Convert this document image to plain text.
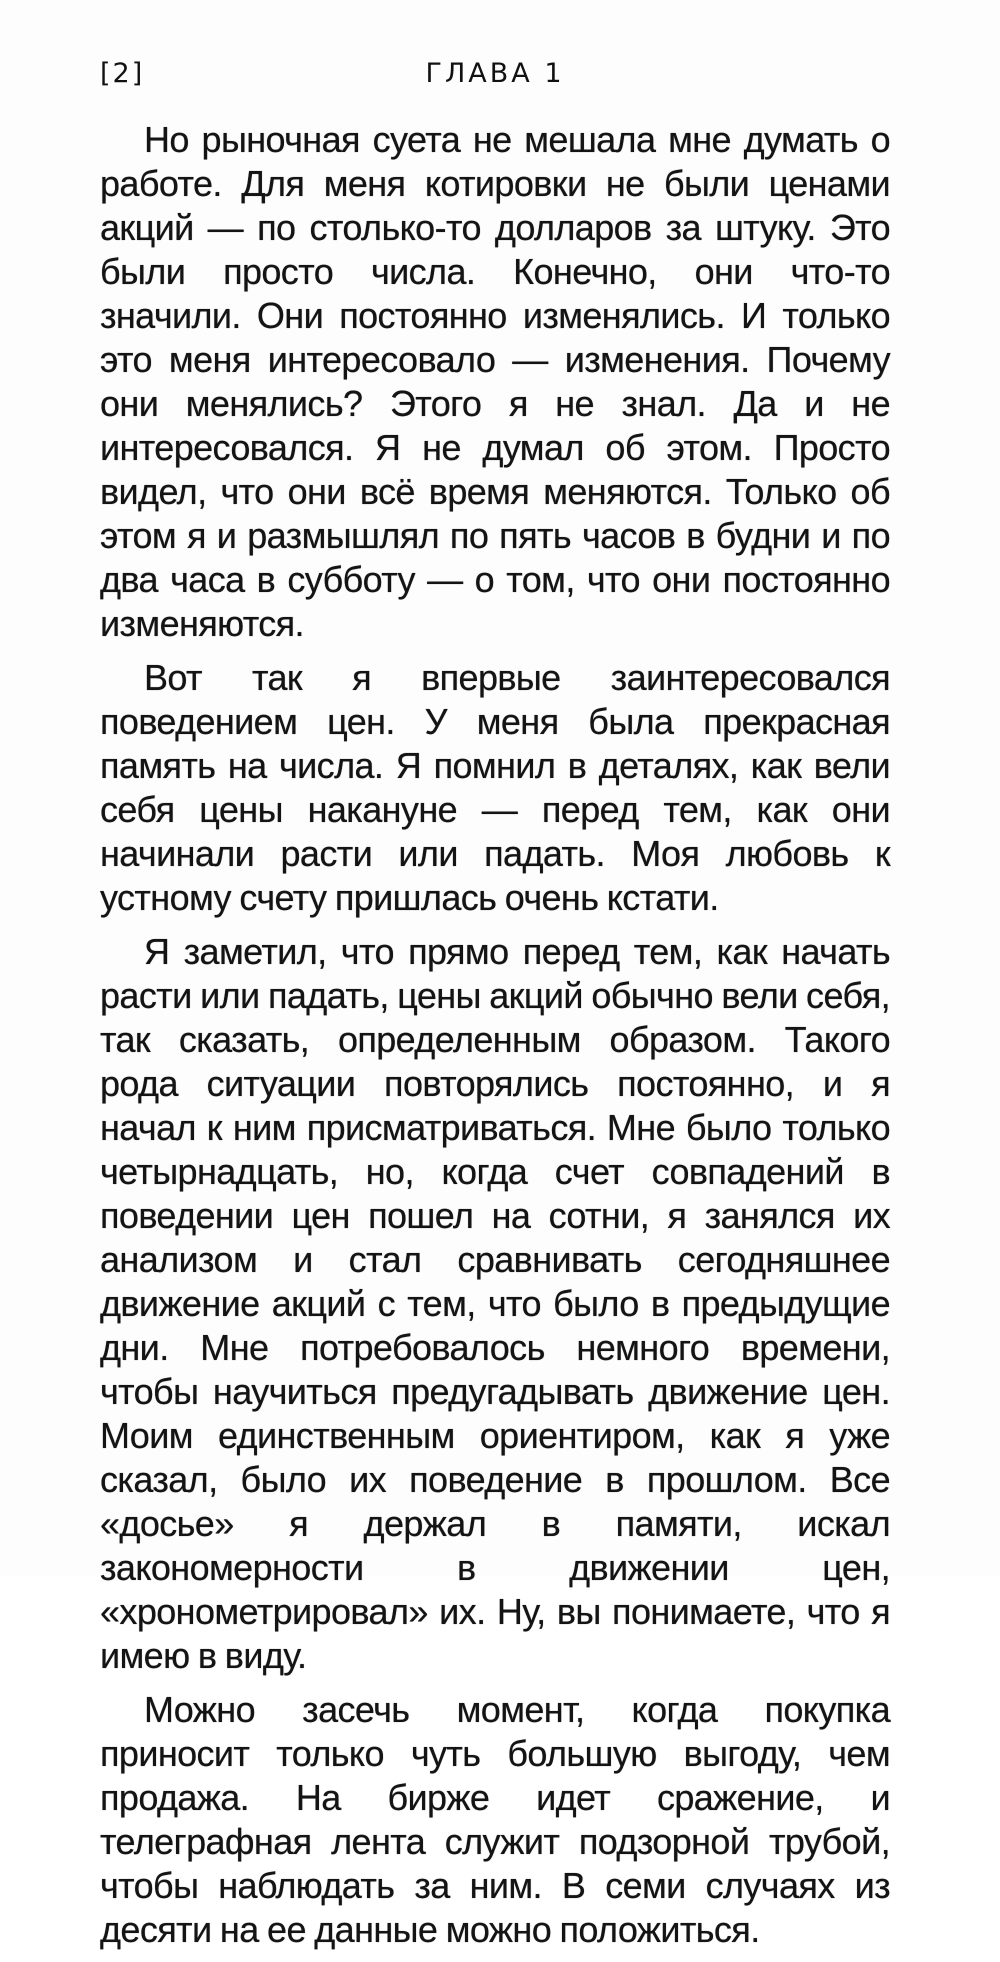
[2]	ГЛАВА 1

Но рыночная суета не мешала мне думать о работе. Для меня котировки не были ценами акций — по столько-то долларов за штуку. Это были просто числа. Конечно, они что-то значили. Они постоянно изменялись. И только это меня интересовало — изменения. Почему они менялись? Этого я не знал. Да и не интересовался. Я не думал об этом. Просто видел, что они всё время меняются. Только об этом я и размышлял по пять часов в будни и по два часа в субботу — о том, что они постоянно изменяются.

Вот так я впервые заинтересовался поведением цен. У меня была прекрасная память на числа. Я помнил в деталях, как вели себя цены накануне — перед тем, как они начинали расти или падать. Моя любовь к устному счету пришлась очень кстати.

Я заметил, что прямо перед тем, как начать расти или падать, цены акций обычно вели себя, так сказать, определенным образом. Такого рода ситуации повторялись постоянно, и я начал к ним присматриваться. Мне было только четырнадцать, но, когда счет совпадений в поведении цен пошел на сотни, я занялся их анализом и стал сравнивать сегодняшнее движение акций с тем, что было в предыдущие дни. Мне потребовалось немного времени, чтобы научиться предугадывать движение цен. Моим единственным ориентиром, как я уже сказал, было их поведение в прошлом. Все «досье» я держал в памяти, искал закономерности в движении цен, «хронометрировал» их. Ну, вы понимаете, что я имею в виду.

Можно засечь момент, когда покупка приносит только чуть большую выгоду, чем продажа. На бирже идет сражение, и телеграфная лента служит подзорной трубой, чтобы наблюдать за ним. В семи случаях из десяти на ее данные можно положиться.
